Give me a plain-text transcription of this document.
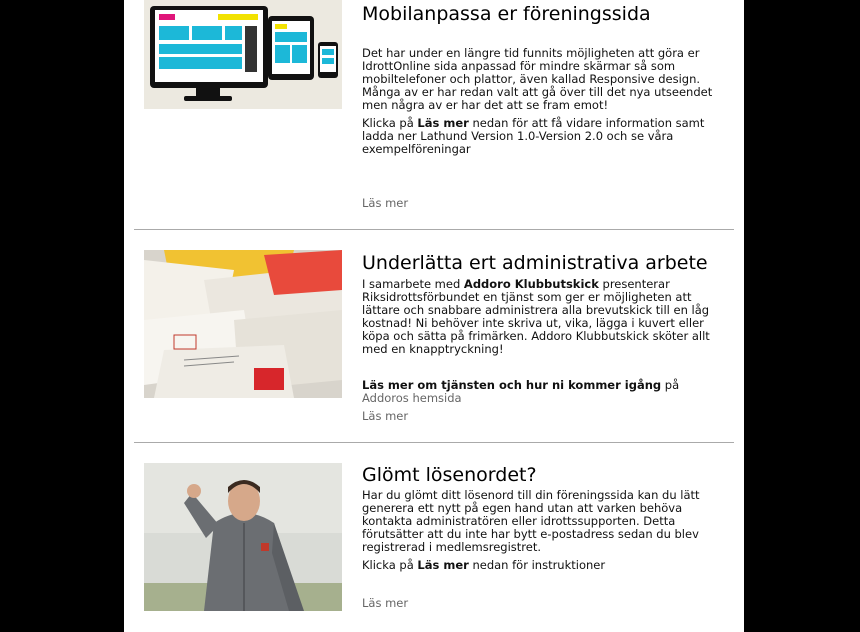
Mobilanpassa er föreningssida

Det har under en längre tid funnits möjligheten att göra er IdrottOnline sida anpassad för mindre skärmar så som mobiltelefoner och plattor, även kallad Responsive design. Många av er har redan valt att gå över till det nya utseendet men några av er har det att se fram emot!

Klicka på Läs mer nedan för att få vidare information samt ladda ner Lathund Version 1.0-Version 2.0 och se våra exempelföreningar

Läs mer
Underlätta ert administrativa arbete

I samarbete med Addoro Klubbutskick presenterar Riksidrottsförbundet en tjänst som ger er möjligheten att lättare och snabbare administrera alla brevutskick till en låg kostnad! Ni behöver inte skriva ut, vika, lägga i kuvert eller köpa och sätta på frimärken. Addoro Klubbutskick sköter allt med en knapptryckning!

Läs mer om tjänsten och hur ni kommer igång på

Addoros hemsida

Läs mer
Glömt lösenordet?

Har du glömt ditt lösenord till din föreningssida kan du lätt generera ett nytt på egen hand utan att varken behöva kontakta administratören eller idrottssupporten. Detta förutsätter att du inte har bytt e-postadress sedan du blev registrerad i medlemsregistret.

Klicka på Läs mer nedan för instruktioner

Läs mer
